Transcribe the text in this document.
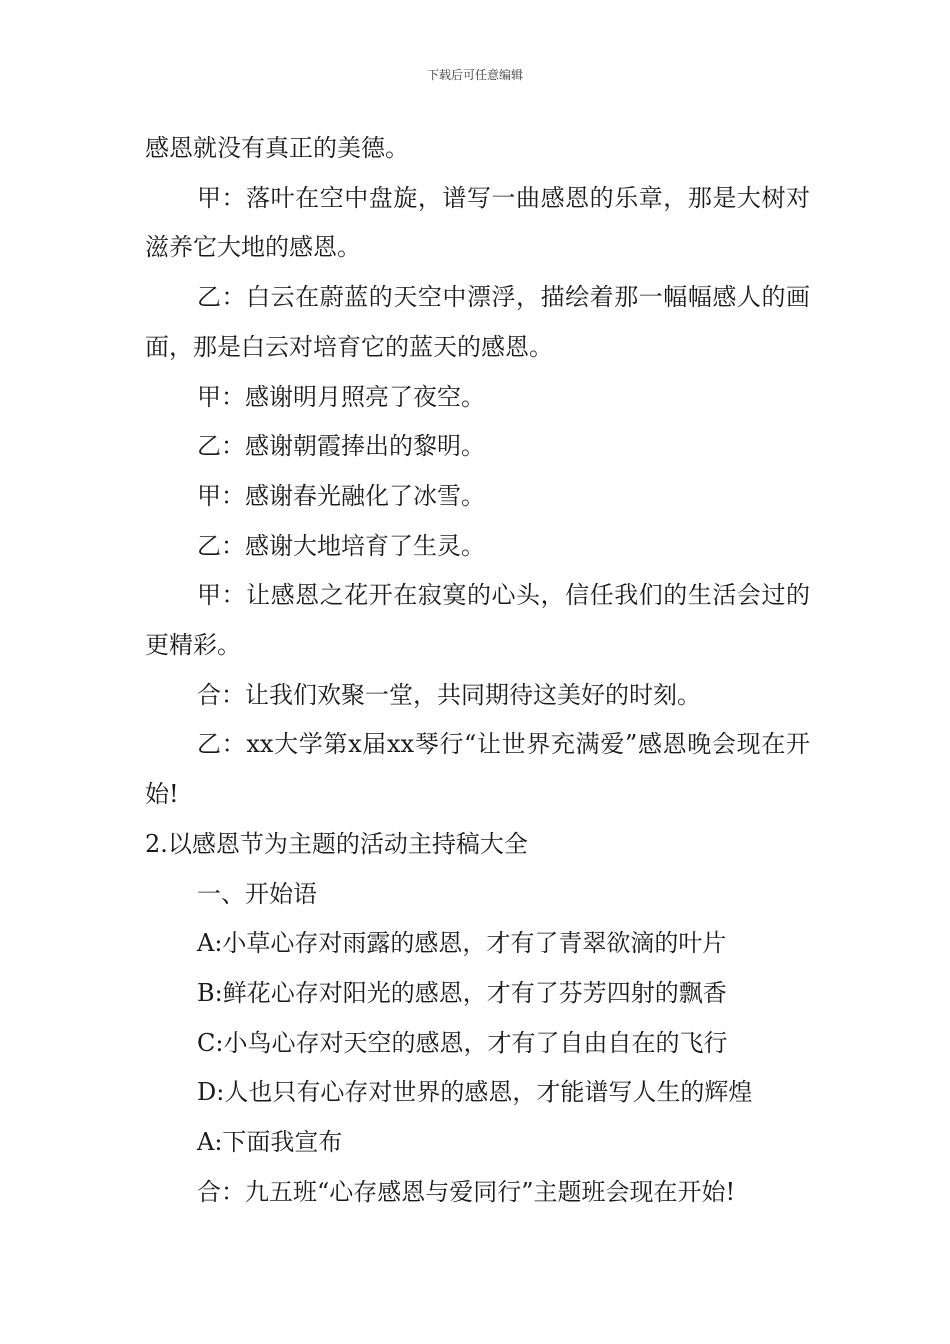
下载后可任意编辑

感恩就没有真正的美德。

甲：落叶在空中盘旋，谱写一曲感恩的乐章，那是大树对滋养它大地的感恩。

乙：白云在蔚蓝的天空中漂浮，描绘着那一幅幅感人的画面，那是白云对培育它的蓝天的感恩。

甲：感谢明月照亮了夜空。

乙：感谢朝霞捧出的黎明。

甲：感谢春光融化了冰雪。

乙：感谢大地培育了生灵。

甲：让感恩之花开在寂寞的心头，信任我们的生活会过的更精彩。

合：让我们欢聚一堂，共同期待这美好的时刻。

乙：xx大学第x届xx琴行“让世界充满爱”感恩晚会现在开始!

2.以感恩节为主题的活动主持稿大全

一、开始语

A:小草心存对雨露的感恩，才有了青翠欲滴的叶片

B:鲜花心存对阳光的感恩，才有了芬芳四射的飘香

C:小鸟心存对天空的感恩，才有了自由自在的飞行

D:人也只有心存对世界的感恩，才能谱写人生的辉煌

A:下面我宣布

合：九五班“心存感恩与爱同行”主题班会现在开始!
